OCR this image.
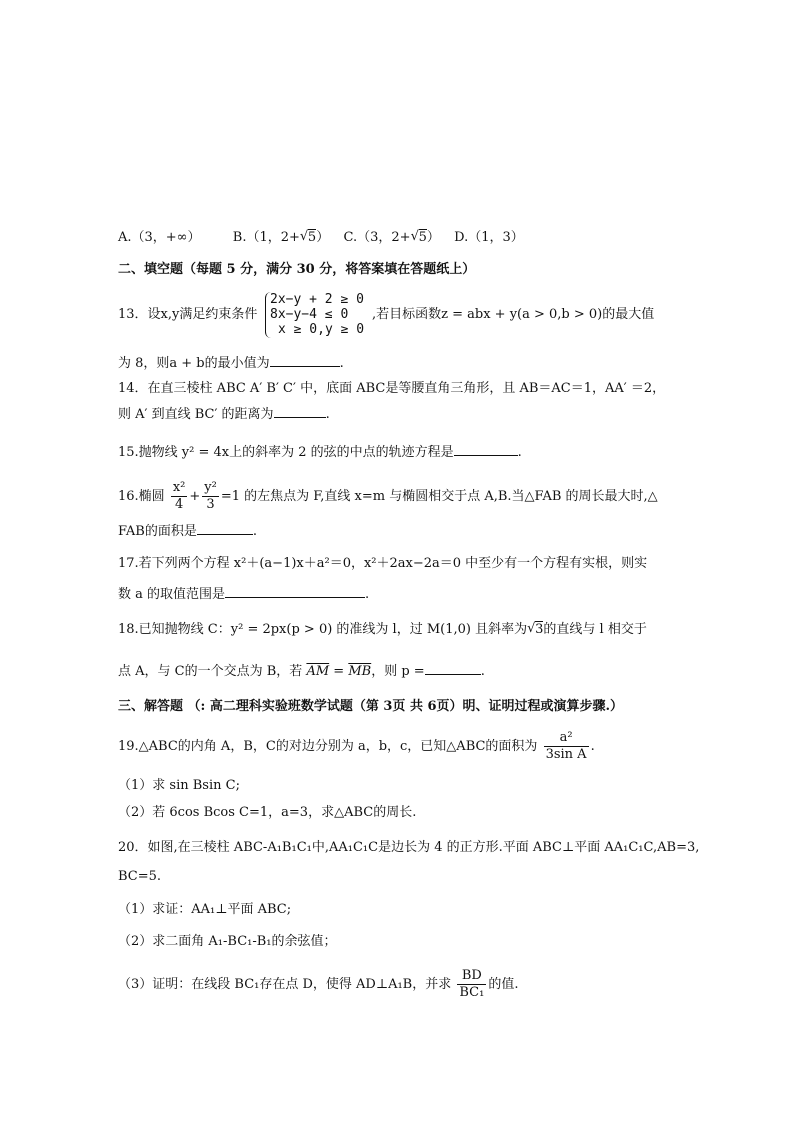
A.（3，+∞） B.（1，2+ √ 5） C.（3，2+ √ 5） D.（1，3）
二、填空题（每题 5 分，满分 30 分，将答案填在答题纸上）
13．设x,y满足约束条件
2x−y + 2 ≥ 0
8x−y−4 ≤ 0
x ≥ 0,y ≥ 0
,若目标函数z = abx + y(a > 0,b > 0)的最大值
为 8，则a + b的最小值为	.
14．在直三棱柱 ABC A′ B′ C′ 中，底面 ABC是等腰直角三角形，且 AB＝AC＝1，AA′ ＝2，
则 A′ 到直线 BC′ 的距离为	.
15.抛物线 y² = 4x上的斜率为 2 的弦的中点的轨迹方程是	.
16.椭圆 $\frac{\text{x²}}{4} + \frac{\text{y²}}{3} =1$ 的左焦点为 F,直线 x=m 与椭圆相交于点 A,B.当△FAB 的周长最大时,△
FAB的面积是	.
17.若下列两个方程 x²＋(a−1)x＋a²＝0，x²＋2ax−2a＝0 中至少有一个方程有实根，则实
数 a 的取值范围是	.
18.已知抛物线 C：y² = 2px(p > 0) 的准线为 l，过 M(1,0) 且斜率为 √ 3的直线与 l 相交于
点 A，与 C的一个交点为 B，若 $\overline{AM} = \overline{MB}$，则 p =	.
三、解答题 （: 高二理科实验班数学试题（第 3页 共 6页）明、证明过程或演算步骤.）
19.△ABC的内角 A，B，C的对边分别为 a，b，c，已知△ABC的面积为 $\frac{\text{a²}}{\text{3sin A}}$ .
（1）求 sin Bsin C;
（2）若 6cos Bcos C=1，a=3，求△ABC的周长.
20．如图,在三棱柱 ABC-A₁B₁C₁中,AA₁C₁C是边长为 4 的正方形.平面 ABC⊥平面 AA₁C₁C,AB=3,
BC=5.
（1）求证：AA₁⊥平面 ABC;
（2）求二面角 A₁-BC₁-B₁的余弦值；
（3）证明：在线段 BC₁存在点 D，使得 AD⊥A₁B，并求 $\frac{BD}{\text{BC₁}}$ 的值.
